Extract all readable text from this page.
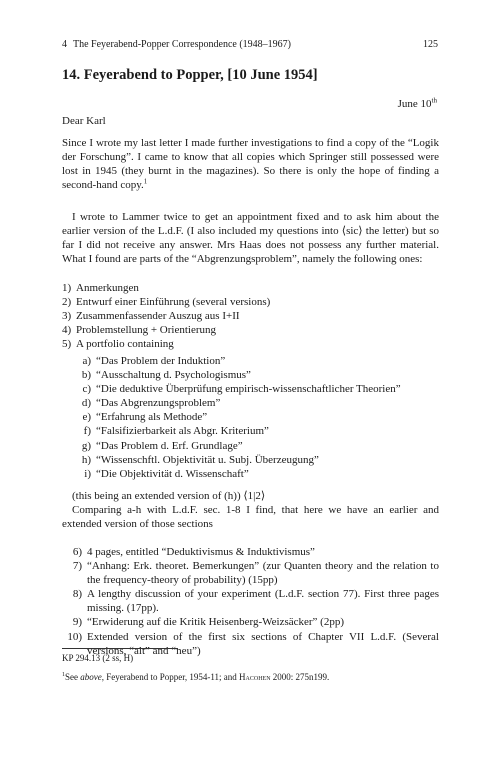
4 The Feyerabend-Popper Correspondence (1948–1967)	125
14. Feyerabend to Popper, [10 June 1954]
June 10th
Dear Karl
Since I wrote my last letter I made further investigations to find a copy of the “Logik der Forschung”. I came to know that all copies which Springer still possessed were lost in 1945 (they burnt in the magazines). So there is only the hope of finding a second-hand copy.$^1$
I wrote to Lammer twice to get an appointment fixed and to ask him about the earlier version of the L.d.F. (I also included my questions into ⟨sic⟩ the letter) but so far I did not receive any answer. Mrs Haas does not possess any further material. What I found are parts of the “Abgrenzungsproblem”, namely the following ones:
1) Anmerkungen
2) Entwurf einer Einführung (several versions)
3) Zusammenfassender Auszug aus I+II
4) Problemstellung + Orientierung
5) A portfolio containing
a) “Das Problem der Induktion”
b) “Ausschaltung d. Psychologismus”
c) “Die deduktive Überprüfung empirisch-wissenschaftlicher Theorien”
d) “Das Abgrenzungsproblem”
e) “Erfahrung als Methode”
f) “Falsifizierbarkeit als Abgr. Kriterium”
g) “Das Problem d. Erf. Grundlage”
h) “Wissenschftl. Objektivität u. Subj. Überzeugung”
i) “Die Objektivität d. Wissenschaft”
(this being an extended version of (h)) ⟨1|2⟩
Comparing a-h with L.d.F. sec. 1-8 I find, that here we have an earlier and extended version of those sections
6) 4 pages, entitled “Deduktivismus & Induktivismus”
7) “Anhang: Erk. theoret. Bemerkungen” (zur Quanten theory and the relation to the frequency-theory of probability) (15pp)
8) A lengthy discussion of your experiment (L.d.F. section 77). First three pages missing. (17pp).
9) “Erwiderung auf die Kritik Heisenberg-Weizsäcker” (2pp)
10) Extended version of the first six sections of Chapter VII L.d.F. (Several versions, “alt” and “neu”)
KP 294.13 (2 ss, H)
$^1$See above, Feyerabend to Popper, 1954-11; and Hacohen 2000: 275n199.
